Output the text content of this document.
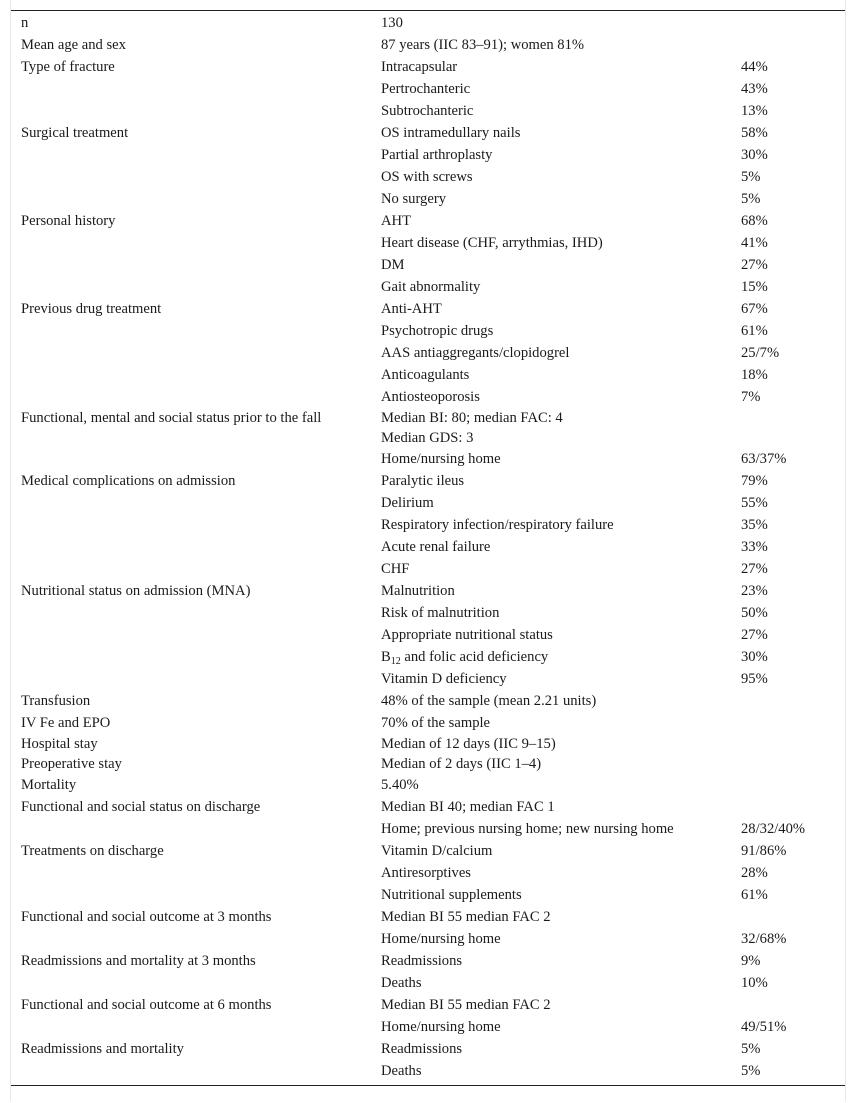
n	130	
Mean age and sex	87 years (IIC 83–91); women 81%	
Type of fracture	Intracapsular	44%
	Pertrochanteric	43%
	Subtrochanteric	13%
Surgical treatment	OS intramedullary nails	58%
	Partial arthroplasty	30%
	OS with screws	5%
	No surgery	5%
Personal history	AHT	68%
	Heart disease (CHF, arrythmias, IHD)	41%
	DM	27%
	Gait abnormality	15%
Previous drug treatment	Anti-AHT	67%
	Psychotropic drugs	61%
	AAS antiaggregants/clopidogrel	25/7%
	Anticoagulants	18%
	Antiosteoporosis	7%
Functional, mental and social status prior to the fall	Median BI: 80; median FAC: 4	
	Median GDS: 3	
	Home/nursing home	63/37%
Medical complications on admission	Paralytic ileus	79%
	Delirium	55%
	Respiratory infection/respiratory failure	35%
	Acute renal failure	33%
	CHF	27%
Nutritional status on admission (MNA)	Malnutrition	23%
	Risk of malnutrition	50%
	Appropriate nutritional status	27%
	$B_{12}$ and folic acid deficiency	30%
	Vitamin D deficiency	95%
Transfusion	48% of the sample (mean 2.21 units)	
IV Fe and EPO	70% of the sample	
Hospital stay	Median of 12 days (IIC 9–15)	
Preoperative stay	Median of 2 days (IIC 1–4)	
Mortality	5.40%	
Functional and social status on discharge	Median BI 40; median FAC 1	
	Home; previous nursing home; new nursing home	28/32/40%
Treatments on discharge	Vitamin D/calcium	91/86%
	Antiresorptives	28%
	Nutritional supplements	61%
Functional and social outcome at 3 months	Median BI 55 median FAC 2	
	Home/nursing home	32/68%
Readmissions and mortality at 3 months	Readmissions	9%
	Deaths	10%
Functional and social outcome at 6 months	Median BI 55 median FAC 2	
	Home/nursing home	49/51%
Readmissions and mortality	Readmissions	5%
	Deaths	5%
